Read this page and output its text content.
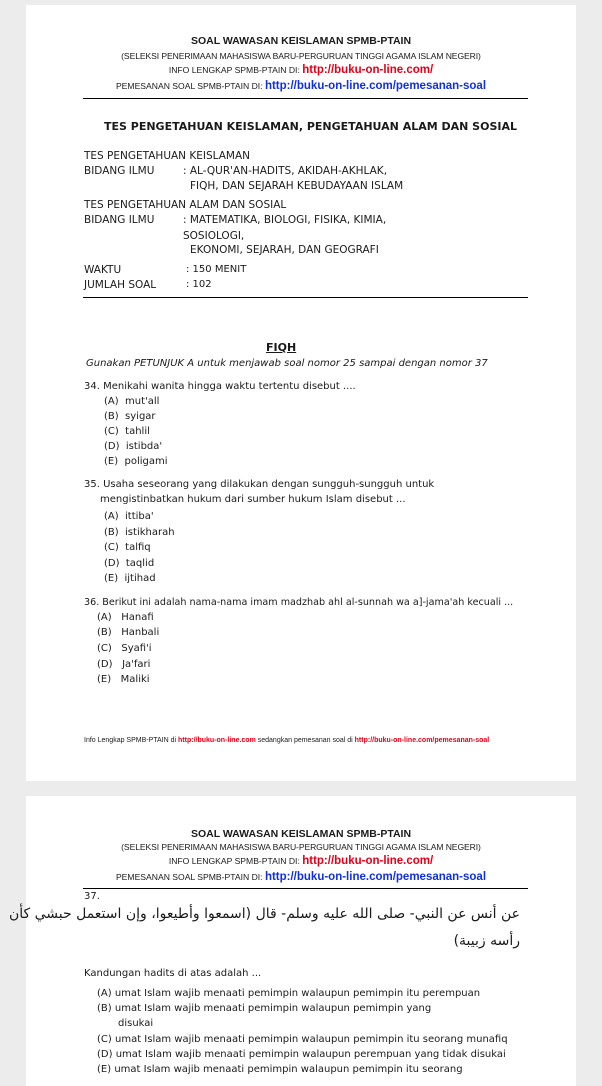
SOAL WAWASAN KEISLAMAN SPMB-PTAIN
(SELEKSI PENERIMAAN MAHASISWA BARU-PERGURUAN TINGGI AGAMA ISLAM NEGERI)
INFO LENGKAP SPMB-PTAIN DI: http://buku-on-line.com/
PEMESANAN SOAL SPMB-PTAIN DI: http://buku-on-line.com/pemesanan-soal
TES PENGETAHUAN KEISLAMAN, PENGETAHUAN ALAM DAN SOSIAL
TES PENGETAHUAN KEISLAMAN
BIDANG ILMU	: AL-QUR'AN-HADITS, AKIDAH-AKHLAK,
FIQH, DAN SEJARAH KEBUDAYAAN ISLAM
TES PENGETAHUAN ALAM DAN SOSIAL
BIDANG ILMU	: MATEMATIKA, BIOLOGI, FISIKA, KIMIA,
SOSIOLOGI,
EKONOMI, SEJARAH, DAN GEOGRAFI
WAKTU	: 150 MENIT
JUMLAH SOAL	: 102
FIQH
Gunakan PETUNJUK A untuk menjawab soal nomor 25 sampai dengan nomor 37
34. Menikahi wanita hingga waktu tertentu disebut ....
(A) mut'all
(B) syigar
(C) tahlil
(D) istibda'
(E) poligami
35. Usaha seseorang yang dilakukan dengan sungguh-sungguh untuk
mengistinbatkan hukum dari sumber hukum Islam disebut ...
(A) ittiba'
(B) istikharah
(C) talfiq
(D) taqlid
(E) ijtihad
36. Berikut ini adalah nama-nama imam madzhab ahl al-sunnah wa a]-jama'ah kecuali ...
(A) Hanafi
(B) Hanbali
(C) Syafi'i
(D) Ja'fari
(E) Maliki
Info Lengkap SPMB-PTAIN di http://buku-on-line.com sedangkan pemesanan soal di http://buku-on-line.com/pemesanan-soal
SOAL WAWASAN KEISLAMAN SPMB-PTAIN
(SELEKSI PENERIMAAN MAHASISWA BARU-PERGURUAN TINGGI AGAMA ISLAM NEGERI)
INFO LENGKAP SPMB-PTAIN DI: http://buku-on-line.com/
PEMESANAN SOAL SPMB-PTAIN DI: http://buku-on-line.com/pemesanan-soal
37.
عن أنس عن النبي- صلى الله عليه وسلم- قال (اسمعوا وأطيعوا، وإن استعمل حبشي كأن
رأسه زبيبة)
Kandungan hadits di atas adalah ...
(A) umat Islam wajib menaati pemimpin walaupun pemimpin itu perempuan
(B) umat Islam wajib menaati pemimpin walaupun pemimpin yang
disukai
(C) umat Islam wajib menaati pemimpin walaupun pemimpin itu seorang munafiq
(D) umat Islam wajib menaati pemimpin walaupun perempuan yang tidak disukai
(E) umat Islam wajib menaati pemimpin walaupun pemimpin itu seorang
